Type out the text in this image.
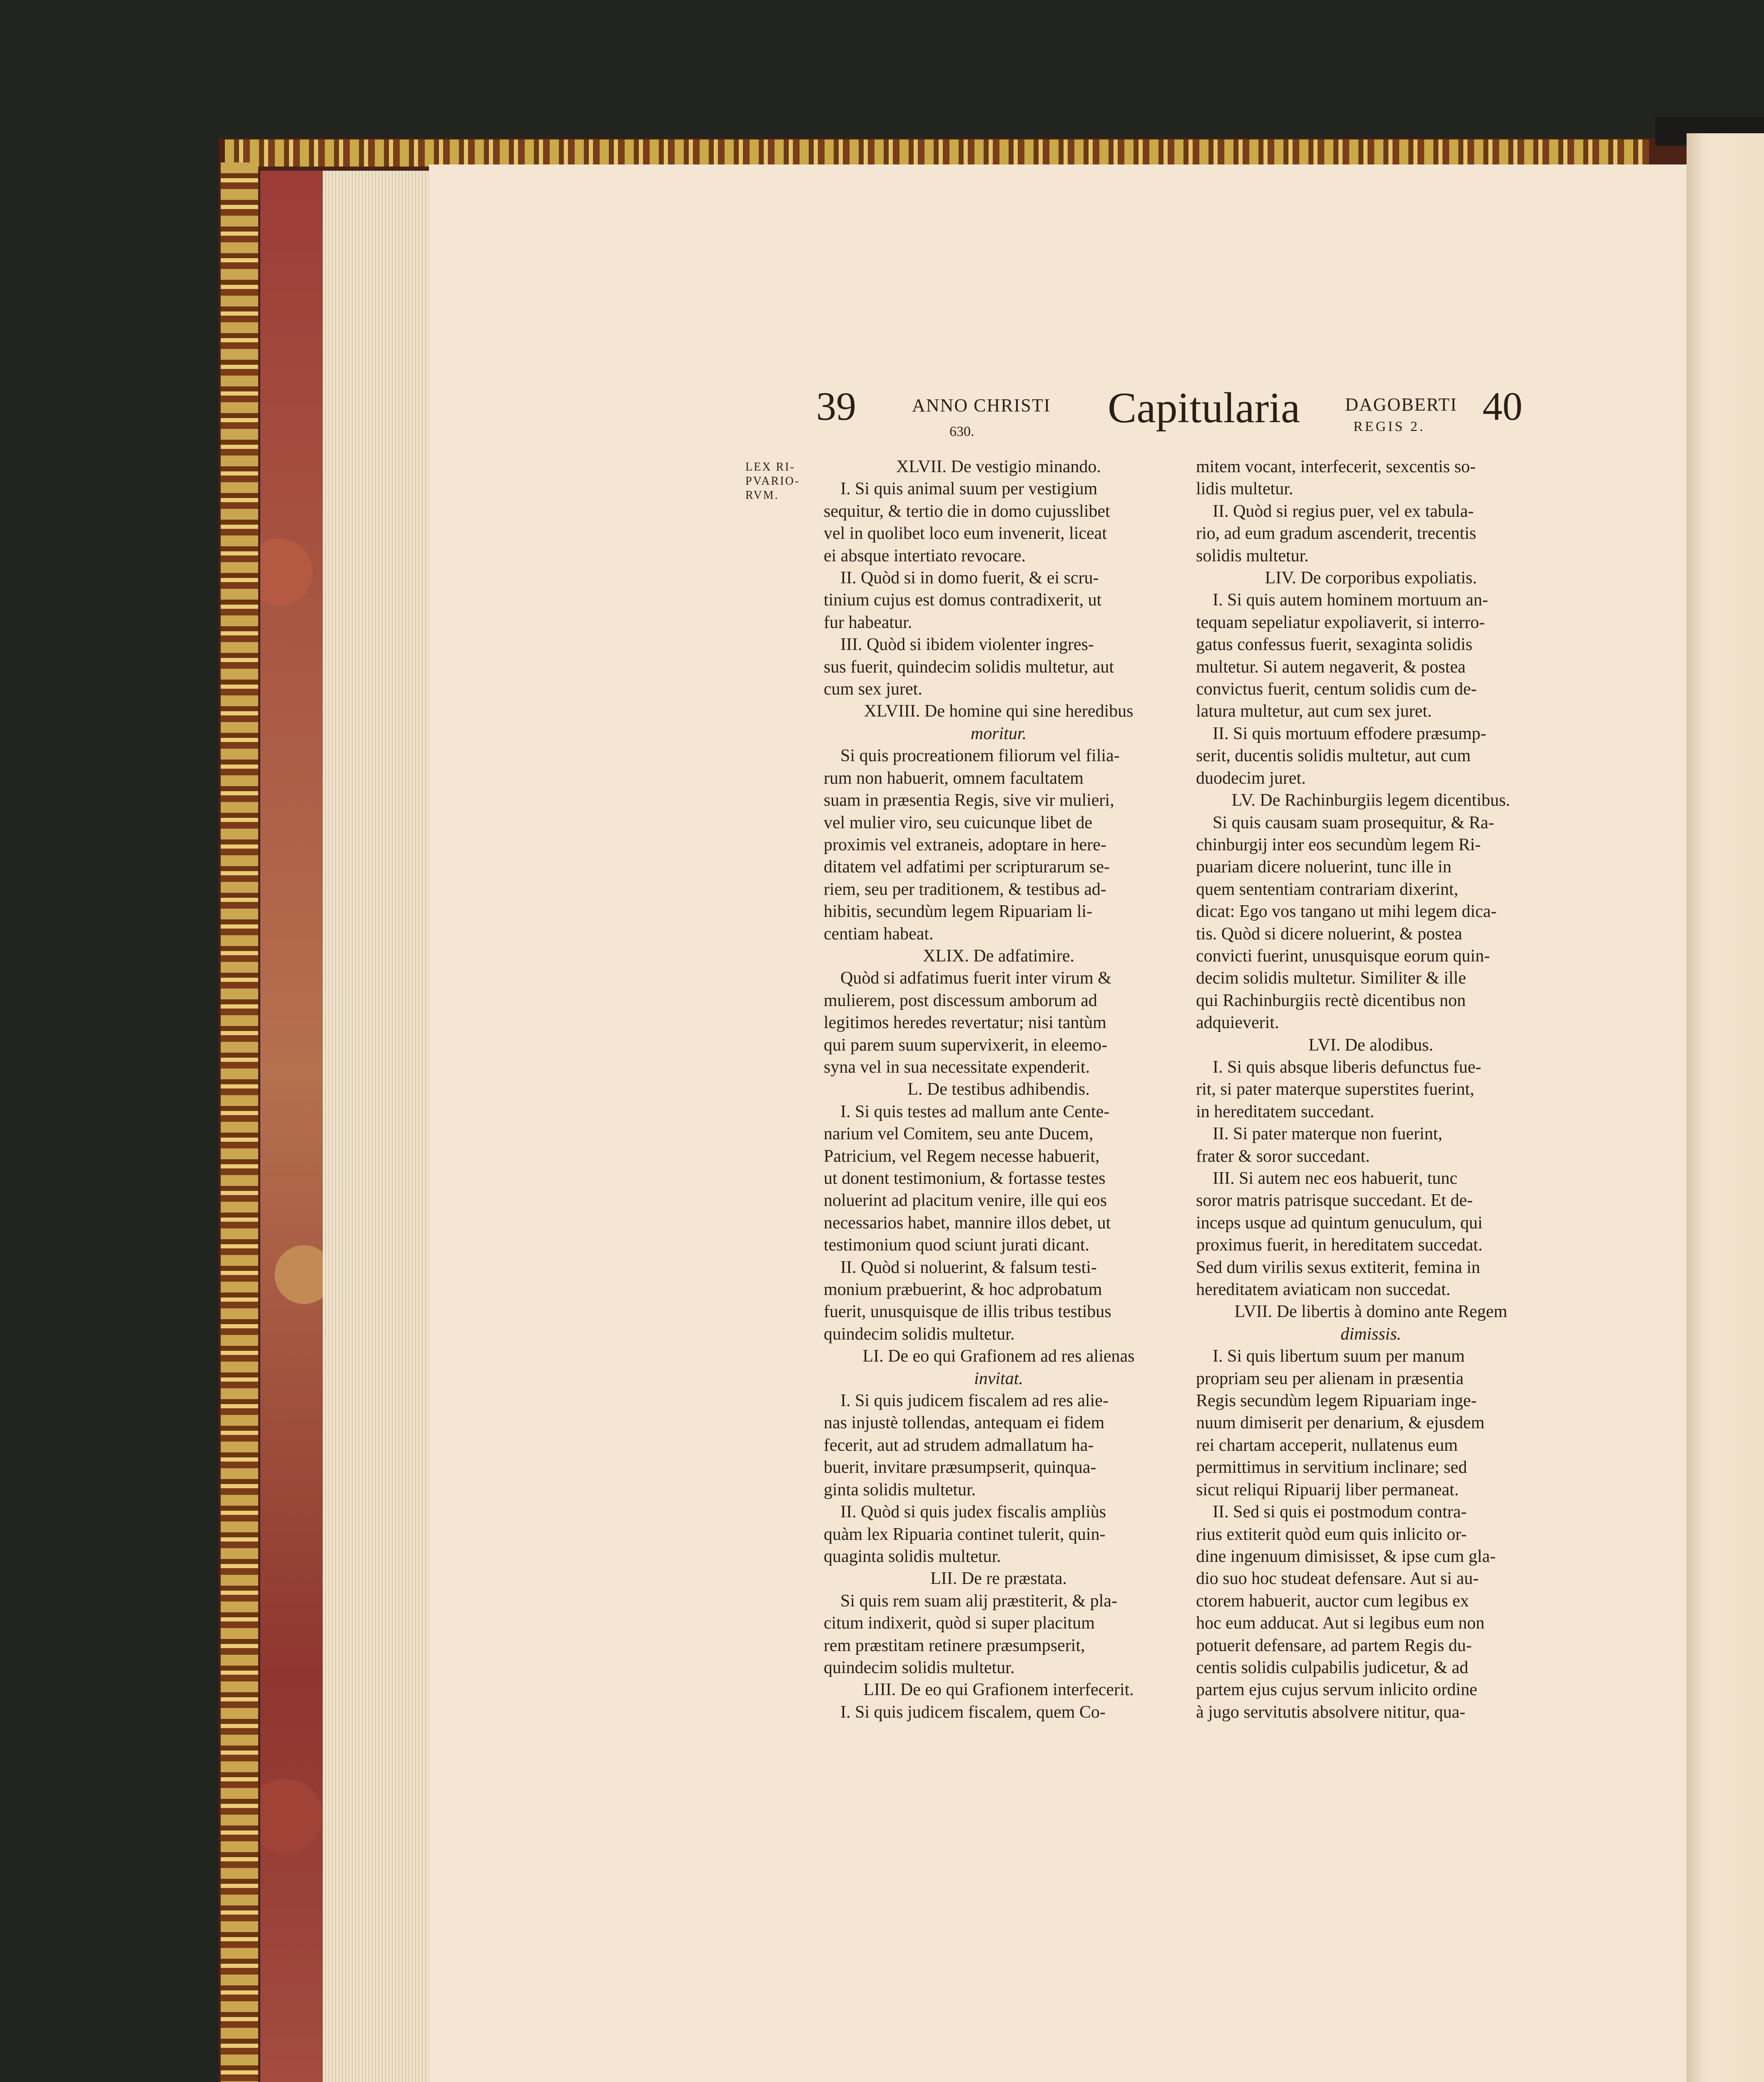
39	ANNO CHRISTI
630.	Capitularia DAGOBERTI
REGIS 2. 40
LEX RI-
PVARIO-
RVM.
XLVII. De vestigio minando.
I. Si quis animal suum per vestigium
sequitur, & tertio die in domo cujusslibet
vel in quolibet loco eum invenerit, liceat
ei absque intertiato revocare.
II. Quòd si in domo fuerit, & ei scru-
tinium cujus est domus contradixerit, ut
fur habeatur.
III. Quòd si ibidem violenter ingres-
sus fuerit, quindecim solidis multetur, aut
cum sex juret.
XLVIII. De homine qui sine heredibus
moritur.
Si quis procreationem filiorum vel filia-
rum non habuerit, omnem facultatem
suam in præsentia Regis, sive vir mulieri,
vel mulier viro, seu cuicunque libet de
proximis vel extraneis, adoptare in here-
ditatem vel adfatimi per scripturarum se-
riem, seu per traditionem, & testibus ad-
hibitis, secundùm legem Ripuariam li-
centiam habeat.
XLIX. De adfatimire.
Quòd si adfatimus fuerit inter virum &
mulierem, post discessum amborum ad
legitimos heredes revertatur; nisi tantùm
qui parem suum supervixerit, in eleemo-
syna vel in sua necessitate expenderit.
L. De testibus adhibendis.
I. Si quis testes ad mallum ante Cente-
narium vel Comitem, seu ante Ducem,
Patricium, vel Regem necesse habuerit,
ut donent testimonium, & fortasse testes
noluerint ad placitum venire, ille qui eos
necessarios habet, mannire illos debet, ut
testimonium quod sciunt jurati dicant.
II. Quòd si noluerint, & falsum testi-
monium præbuerint, & hoc adprobatum
fuerit, unusquisque de illis tribus testibus
quindecim solidis multetur.
LI. De eo qui Grafionem ad res alienas
invitat.
I. Si quis judicem fiscalem ad res alie-
nas injustè tollendas, antequam ei fidem
fecerit, aut ad strudem admallatum ha-
buerit, invitare præsumpserit, quinqua-
ginta solidis multetur.
II. Quòd si quis judex fiscalis ampliùs
quàm lex Ripuaria continet tulerit, quin-
quaginta solidis multetur.
LII. De re præstata.
Si quis rem suam alij præstiterit, & pla-
citum indixerit, quòd si super placitum
rem præstitam retinere præsumpserit,
quindecim solidis multetur.
LIII. De eo qui Grafionem interfecerit.
I. Si quis judicem fiscalem, quem Co-
mitem vocant, interfecerit, sexcentis so-
lidis multetur.
II. Quòd si regius puer, vel ex tabula-
rio, ad eum gradum ascenderit, trecentis
solidis multetur.
LIV. De corporibus expoliatis.
I. Si quis autem hominem mortuum an-
tequam sepeliatur expoliaverit, si interro-
gatus confessus fuerit, sexaginta solidis
multetur. Si autem negaverit, & postea
convictus fuerit, centum solidis cum de-
latura multetur, aut cum sex juret.
II. Si quis mortuum effodere præsump-
serit, ducentis solidis multetur, aut cum
duodecim juret.
LV. De Rachinburgiis legem dicentibus.
Si quis causam suam prosequitur, & Ra-
chinburgij inter eos secundùm legem Ri-
puariam dicere noluerint, tunc ille in
quem sententiam contrariam dixerint,
dicat: Ego vos tangano ut mihi legem dica-
tis. Quòd si dicere noluerint, & postea
convicti fuerint, unusquisque eorum quin-
decim solidis multetur. Similiter & ille
qui Rachinburgiis rectè dicentibus non
adquieverit.
LVI. De alodibus.
I. Si quis absque liberis defunctus fue-
rit, si pater materque superstites fuerint,
in hereditatem succedant.
II. Si pater materque non fuerint,
frater & soror succedant.
III. Si autem nec eos habuerit, tunc
soror matris patrisque succedant. Et de-
inceps usque ad quintum genuculum, qui
proximus fuerit, in hereditatem succedat.
Sed dum virilis sexus extiterit, femina in
hereditatem aviaticam non succedat.
LVII. De libertis à domino ante Regem
dimissis.
I. Si quis libertum suum per manum
propriam seu per alienam in præsentia
Regis secundùm legem Ripuariam inge-
nuum dimiserit per denarium, & ejusdem
rei chartam acceperit, nullatenus eum
permittimus in servitium inclinare; sed
sicut reliqui Ripuarij liber permaneat.
II. Sed si quis ei postmodum contra-
rius extiterit quòd eum quis inlicito or-
dine ingenuum dimisisset, & ipse cum gla-
dio suo hoc studeat defensare. Aut si au-
ctorem habuerit, auctor cum legibus ex
hoc eum adducat. Aut si legibus eum non
potuerit defensare, ad partem Regis du-
centis solidis culpabilis judicetur, & ad
partem ejus cujus servum inlicito ordine
à jugo servitutis absolvere nititur, qua-
